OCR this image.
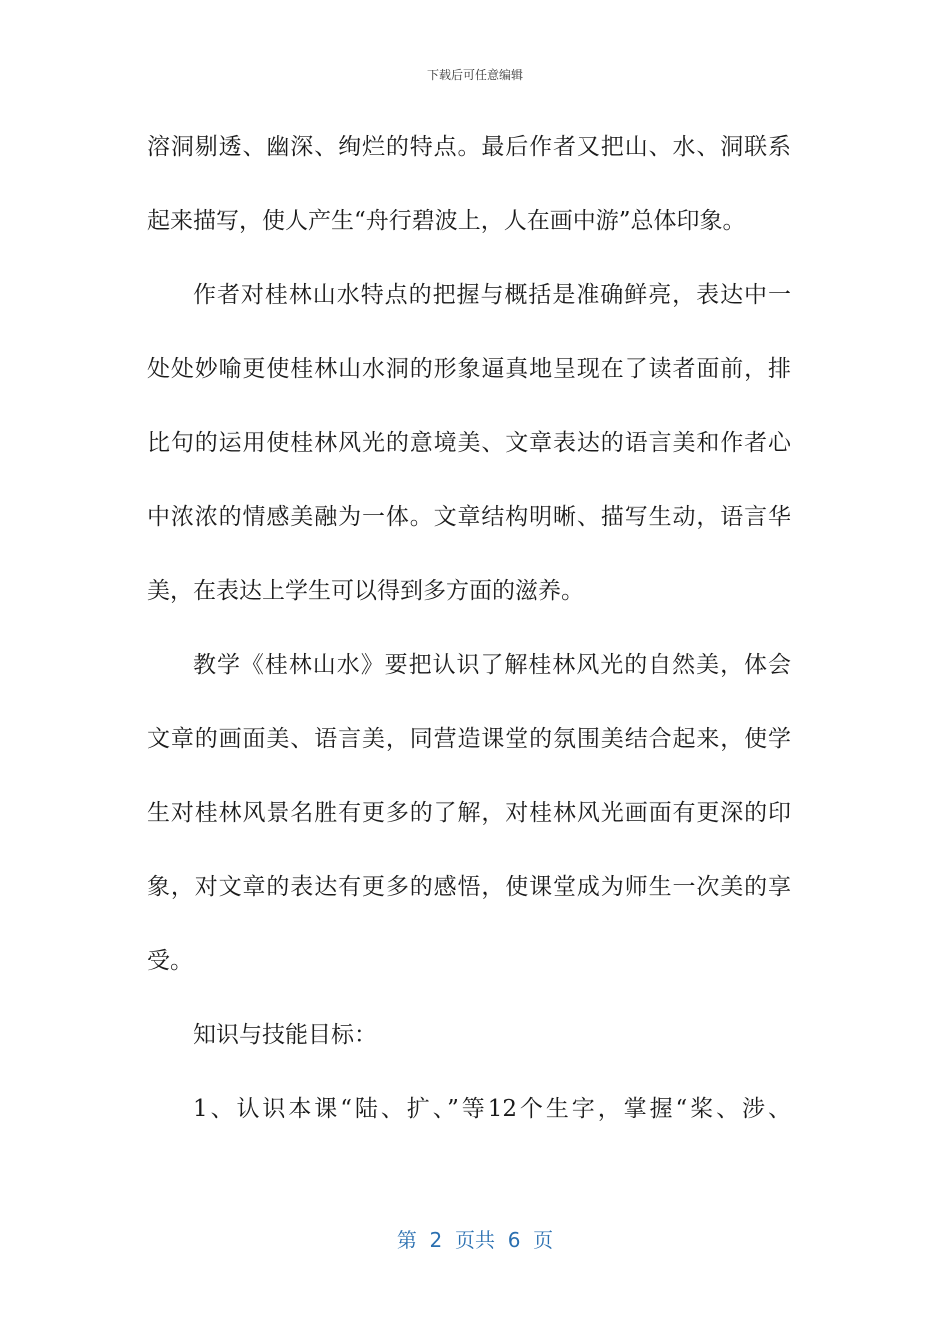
下载后可任意编辑
溶洞剔透、幽深、绚烂的特点。最后作者又把山、水、洞联系
起来描写，使人产生“舟行碧波上，人在画中游”总体印象。
作者对桂林山水特点的把握与概括是准确鲜亮，表达中一
处处妙喻更使桂林山水洞的形象逼真地呈现在了读者面前，排
比句的运用使桂林风光的意境美、文章表达的语言美和作者心
中浓浓的情感美融为一体。文章结构明晰、描写生动，语言华
美，在表达上学生可以得到多方面的滋养。
教学《桂林山水》要把认识了解桂林风光的自然美，体会
文章的画面美、语言美，同营造课堂的氛围美结合起来，使学
生对桂林风景名胜有更多的了解，对桂林风光画面有更深的印
象，对文章的表达有更多的感悟，使课堂成为师生一次美的享
受。
知识与技能目标：
1、认识本课“陆、扩、”等12个生字，掌握“桨、涉、
第  2  页共  6  页
